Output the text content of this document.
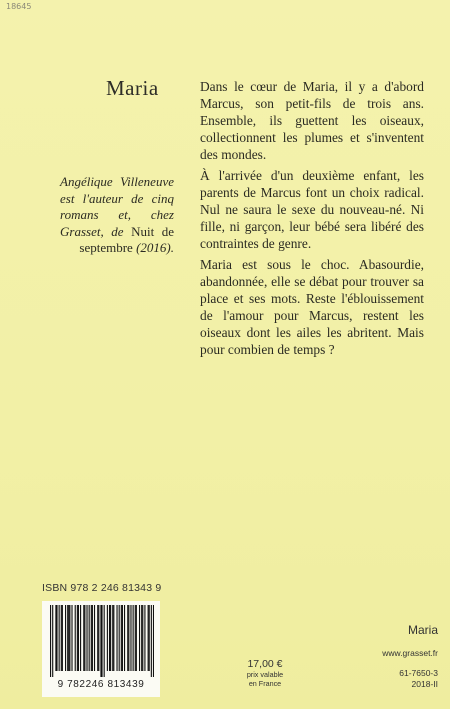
18645
Maria
Angélique Villeneuve est l'auteur de cinq romans et, chez Grasset, de Nuit de septembre (2016).

Dans le cœur de Maria, il y a d'abord Marcus, son petit-fils de trois ans. Ensemble, ils guettent les oiseaux, collectionnent les plumes et s'inventent des mondes.

À l'arrivée d'un deuxième enfant, les parents de Marcus font un choix radical. Nul ne saura le sexe du nouveau-né. Ni fille, ni garçon, leur bébé sera libéré des contraintes de genre.

Maria est sous le choc. Abasourdie, abandonnée, elle se débat pour trouver sa place et ses mots. Reste l'éblouissement de l'amour pour Marcus, restent les oiseaux dont les ailes les abritent. Mais pour combien de temps ?

ISBN 978 2 246 81343 9
9 782246 813439
17,00 €
prix valable
en France
Maria
www.grasset.fr
61-7650-3
2018-II
